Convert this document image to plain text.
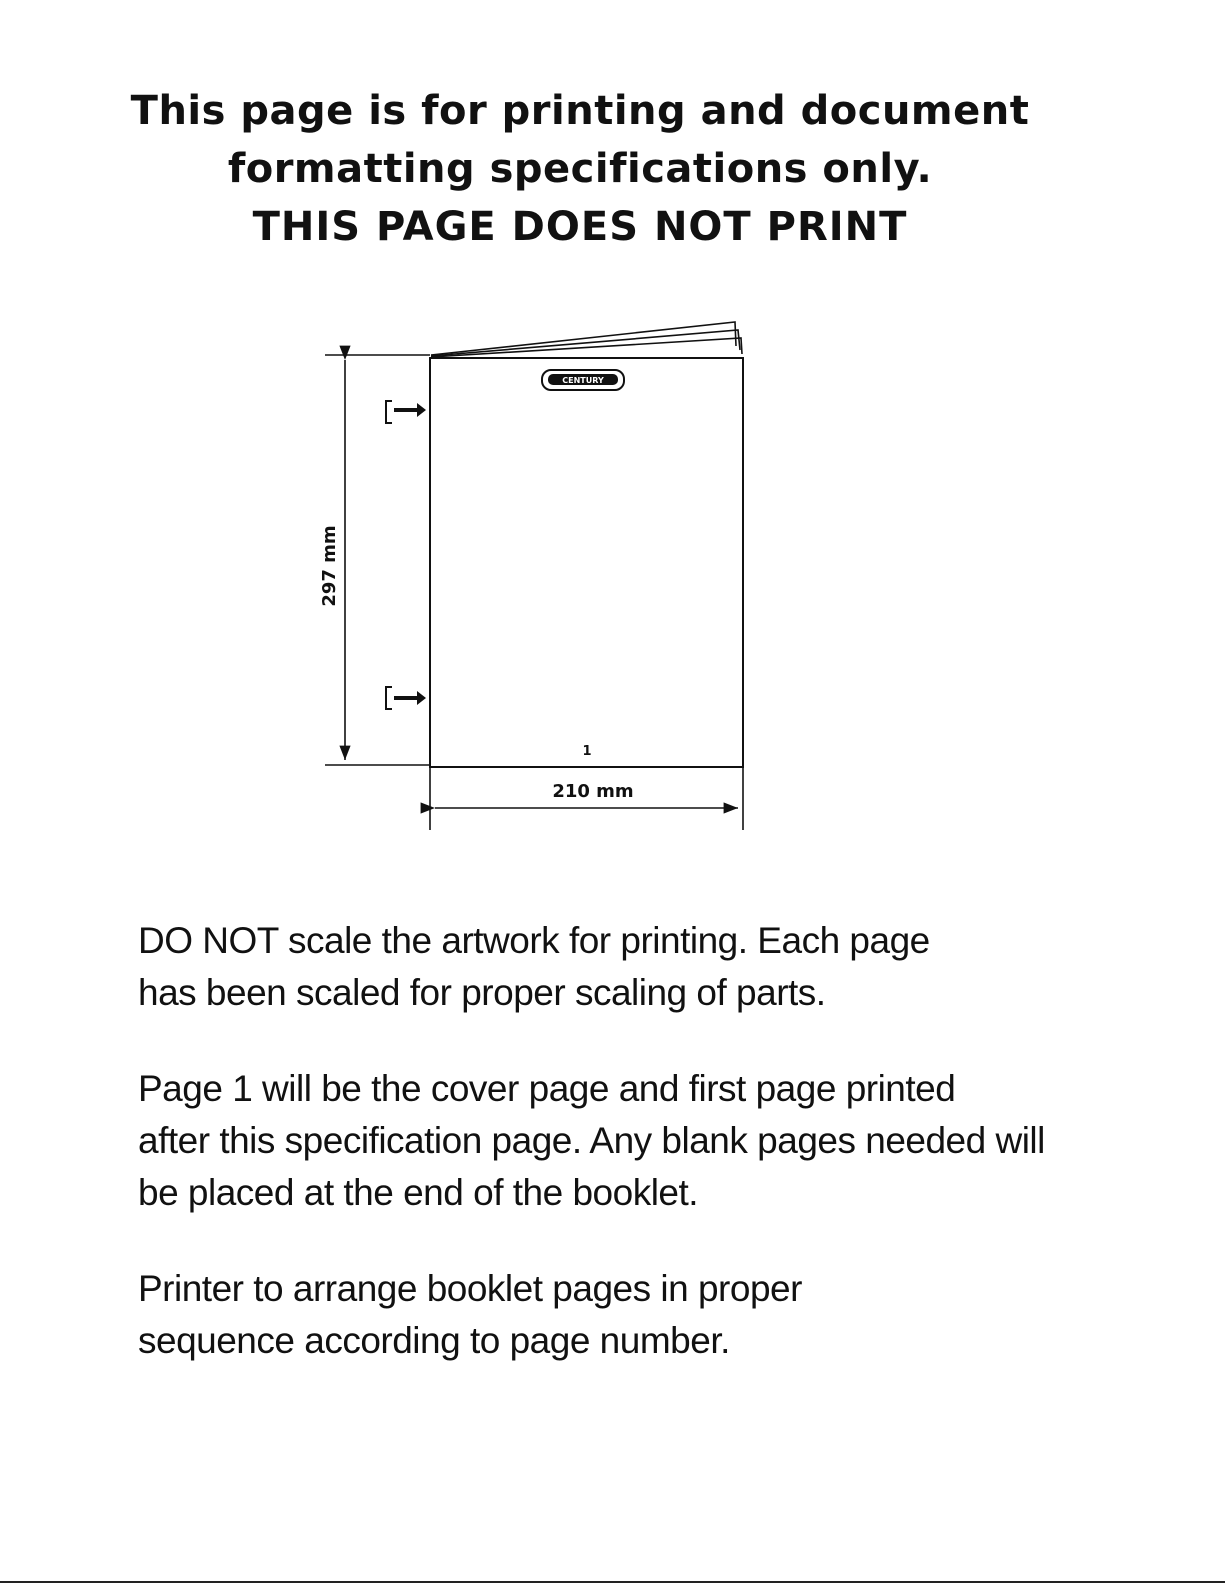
This page is for printing and document
formatting specifications only.
THIS PAGE DOES NOT PRINT
CENTURY
1
297 mm
210 mm

DO NOT scale the artwork for printing. Each page
has been scaled for proper scaling of parts.

Page 1 will be the cover page and first page printed
after this specification page. Any blank pages needed will
be placed at the end of the booklet.

Printer to arrange booklet pages in proper
sequence according to page number.
